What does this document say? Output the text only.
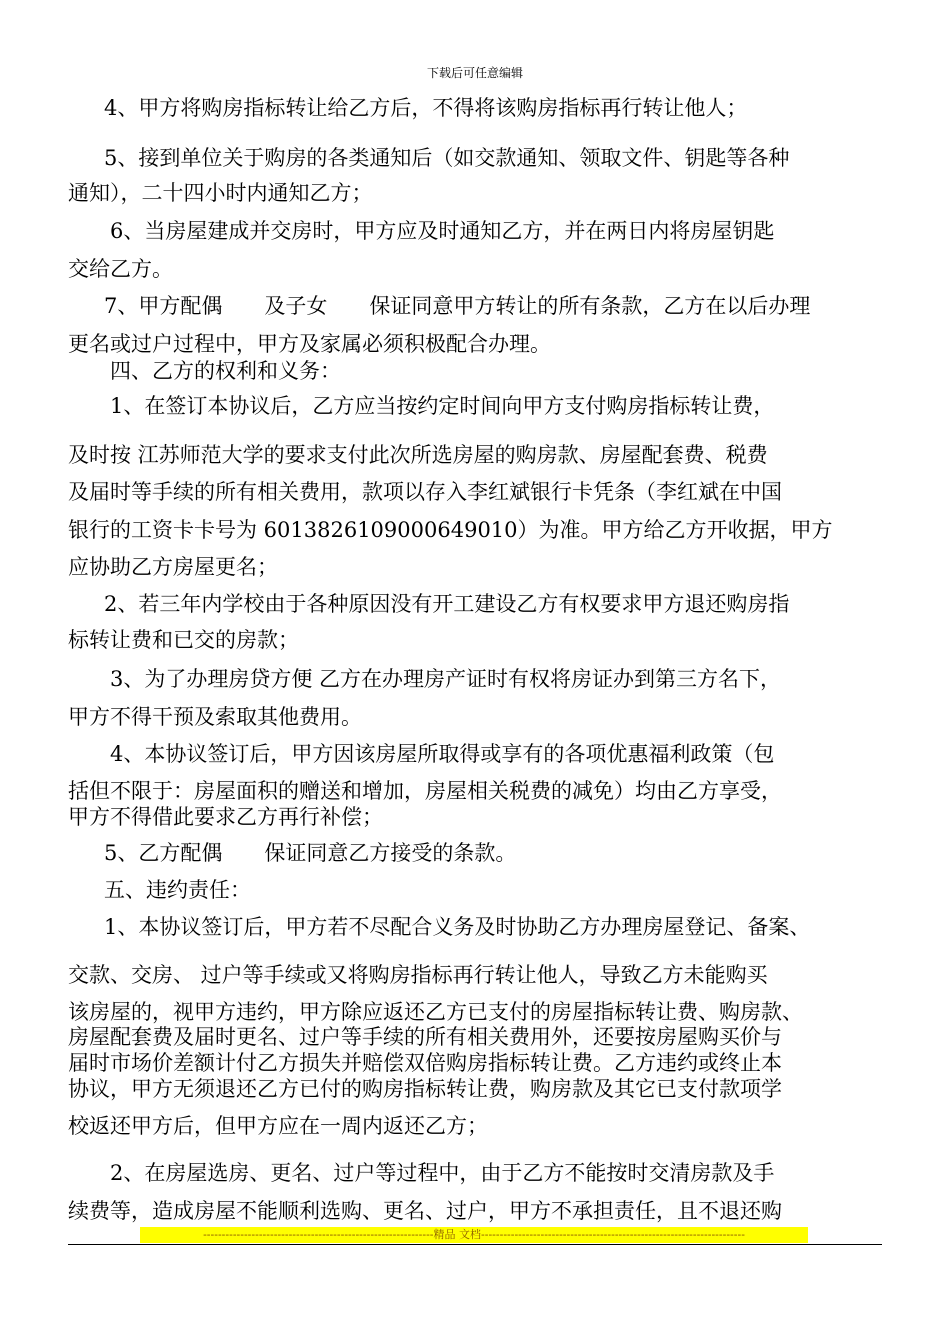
下载后可任意编辑
4、甲方将购房指标转让给乙方后，不得将该购房指标再行转让他人；
5、接到单位关于购房的各类通知后（如交款通知、领取文件、钥匙等各种
通知），二十四小时内通知乙方；
6、当房屋建成并交房时，甲方应及时通知乙方，并在两日内将房屋钥匙
交给乙方。
7、甲方配偶　　及子女　　保证同意甲方转让的所有条款，乙方在以后办理
更名或过户过程中，甲方及家属必须积极配合办理。
四、乙方的权利和义务：
1、在签订本协议后，乙方应当按约定时间向甲方支付购房指标转让费，
及时按 江苏师范大学的要求支付此次所选房屋的购房款、房屋配套费、税费
及届时等手续的所有相关费用，款项以存入李红斌银行卡凭条（李红斌在中国
银行的工资卡卡号为 6013826109000649010）为准。甲方给乙方开收据，甲方
应协助乙方房屋更名；
2、若三年内学校由于各种原因没有开工建设乙方有权要求甲方退还购房指
标转让费和已交的房款；
3、为了办理房贷方便 乙方在办理房产证时有权将房证办到第三方名下，
甲方不得干预及索取其他费用。
4、本协议签订后，甲方因该房屋所取得或享有的各项优惠福利政策（包
括但不限于：房屋面积的赠送和增加，房屋相关税费的减免）均由乙方享受，
甲方不得借此要求乙方再行补偿；
5、乙方配偶　　保证同意乙方接受的条款。
五、违约责任：
1、本协议签订后，甲方若不尽配合义务及时协助乙方办理房屋登记、备案、
交款、交房、 过户等手续或又将购房指标再行转让他人，导致乙方未能购买
该房屋的，视甲方违约，甲方除应返还乙方已支付的房屋指标转让费、购房款、
房屋配套费及届时更名、过户等手续的所有相关费用外，还要按房屋购买价与
届时市场价差额计付乙方损失并赔偿双倍购房指标转让费。乙方违约或终止本
协议，甲方无须退还乙方已付的购房指标转让费，购房款及其它已支付款项学
校返还甲方后，但甲方应在一周内返还乙方；
2、在房屋选房、更名、过户等过程中，由于乙方不能按时交清房款及手
续费等，造成房屋不能顺利选购、更名、过户，甲方不承担责任，且不退还购
--------------------------------------------------------------精品 文档-----------------------------------------------------------------------
